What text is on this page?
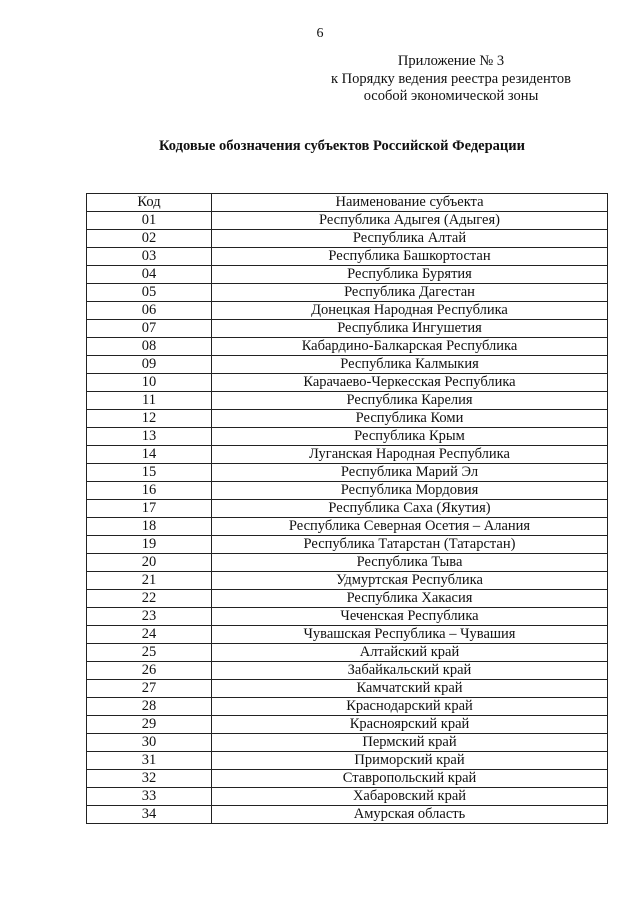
6
Приложение № 3
к Порядку ведения реестра резидентов
особой экономической зоны
Кодовые обозначения субъектов Российской Федерации
Код	Наименование субъекта
01	Республика Адыгея (Адыгея)
02	Республика Алтай
03	Республика Башкортостан
04	Республика Бурятия
05	Республика Дагестан
06	Донецкая Народная Республика
07	Республика Ингушетия
08	Кабардино-Балкарская Республика
09	Республика Калмыкия
10	Карачаево-Черкесская Республика
11	Республика Карелия
12	Республика Коми
13	Республика Крым
14	Луганская Народная Республика
15	Республика Марий Эл
16	Республика Мордовия
17	Республика Саха (Якутия)
18	Республика Северная Осетия – Алания
19	Республика Татарстан (Татарстан)
20	Республика Тыва
21	Удмуртская Республика
22	Республика Хакасия
23	Чеченская Республика
24	Чувашская Республика – Чувашия
25	Алтайский край
26	Забайкальский край
27	Камчатский край
28	Краснодарский край
29	Красноярский край
30	Пермский край
31	Приморский край
32	Ставропольский край
33	Хабаровский край
34	Амурская область
